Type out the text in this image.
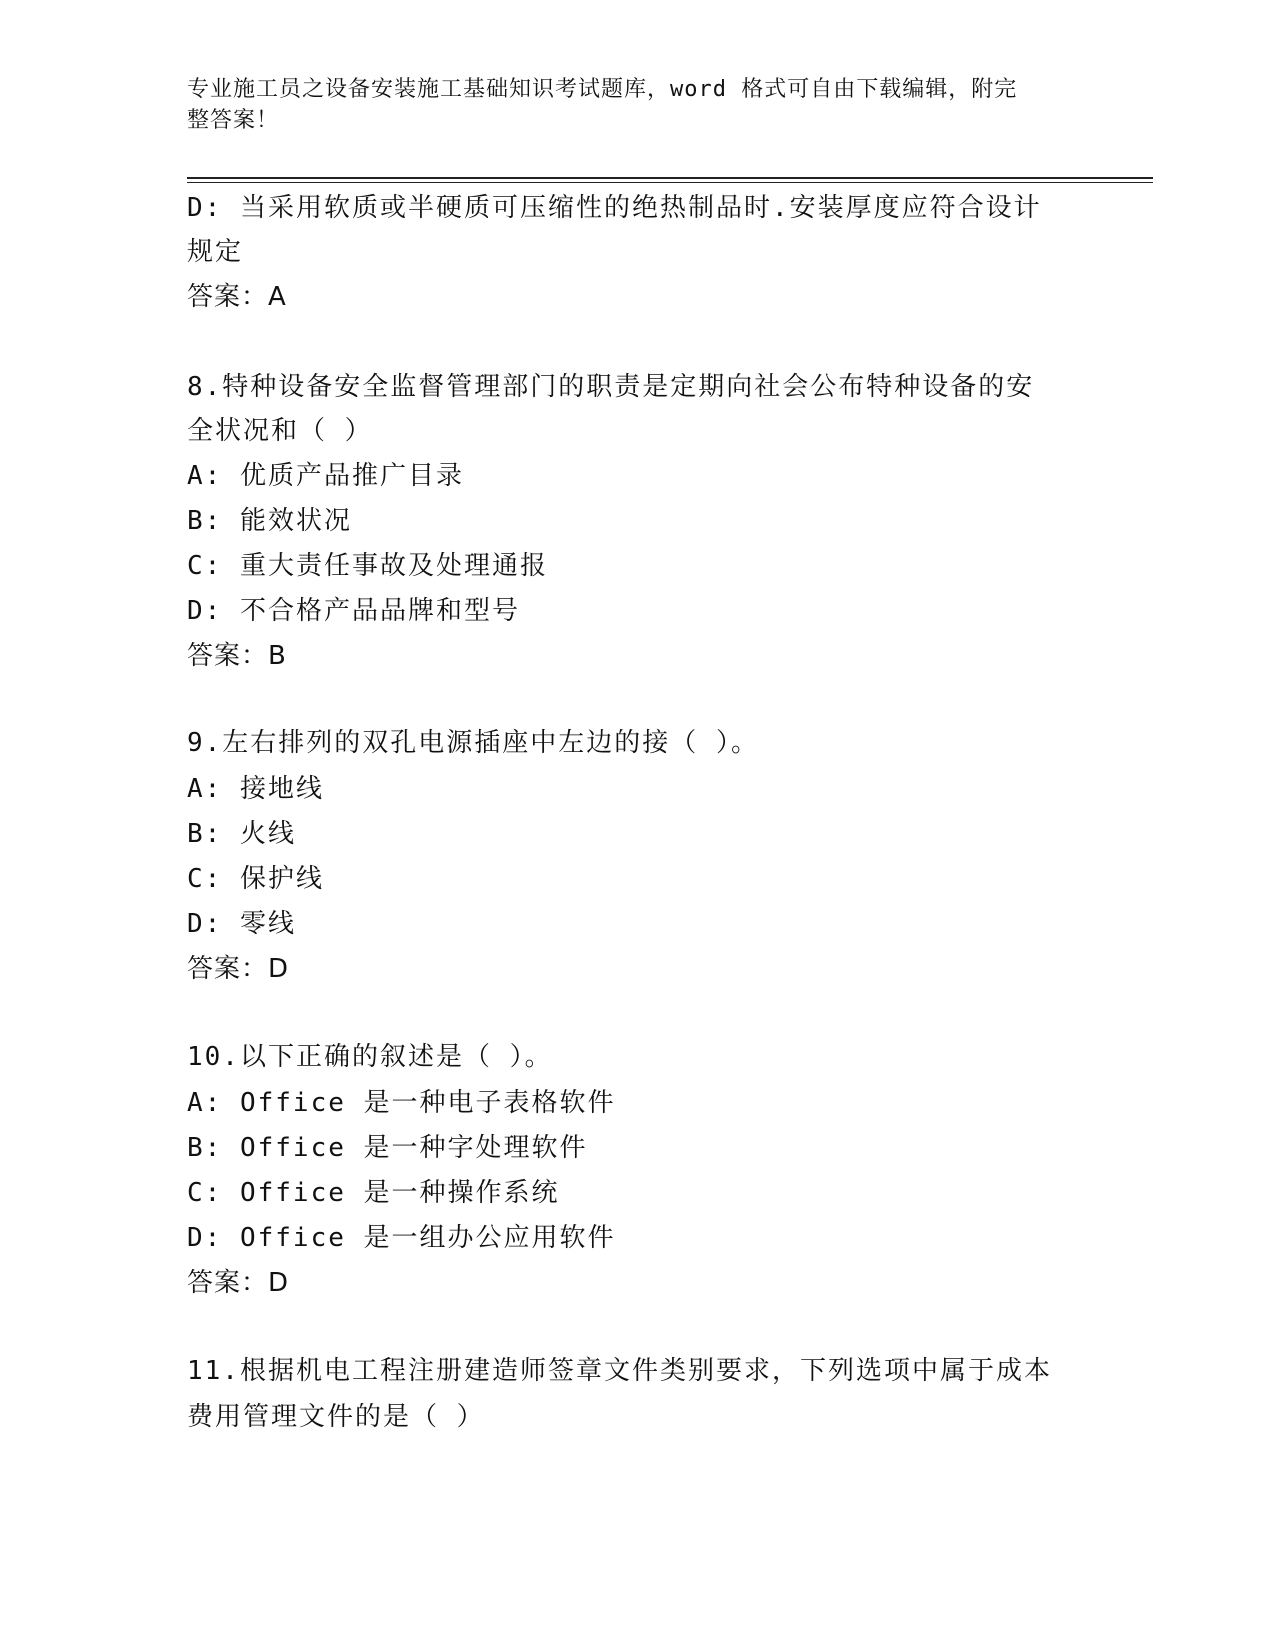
专业施工员之设备安装施工基础知识考试题库，word 格式可自由下载编辑，附完
整答案！
D: 当采用软质或半硬质可压缩性的绝热制品时.安装厚度应符合设计
规定
答案：A
8.特种设备安全监督管理部门的职责是定期向社会公布特种设备的安
全状况和（ ）
A: 优质产品推广目录
B: 能效状况
C: 重大责任事故及处理通报
D: 不合格产品品牌和型号
答案：B
9.左右排列的双孔电源插座中左边的接（ ）。
A: 接地线
B: 火线
C: 保护线
D: 零线
答案：D
10.以下正确的叙述是（ ）。
A: Office 是一种电子表格软件
B: Office 是一种字处理软件
C: Office 是一种操作系统
D: Office 是一组办公应用软件
答案：D
11.根据机电工程注册建造师签章文件类别要求，下列选项中属于成本
费用管理文件的是（ ）
